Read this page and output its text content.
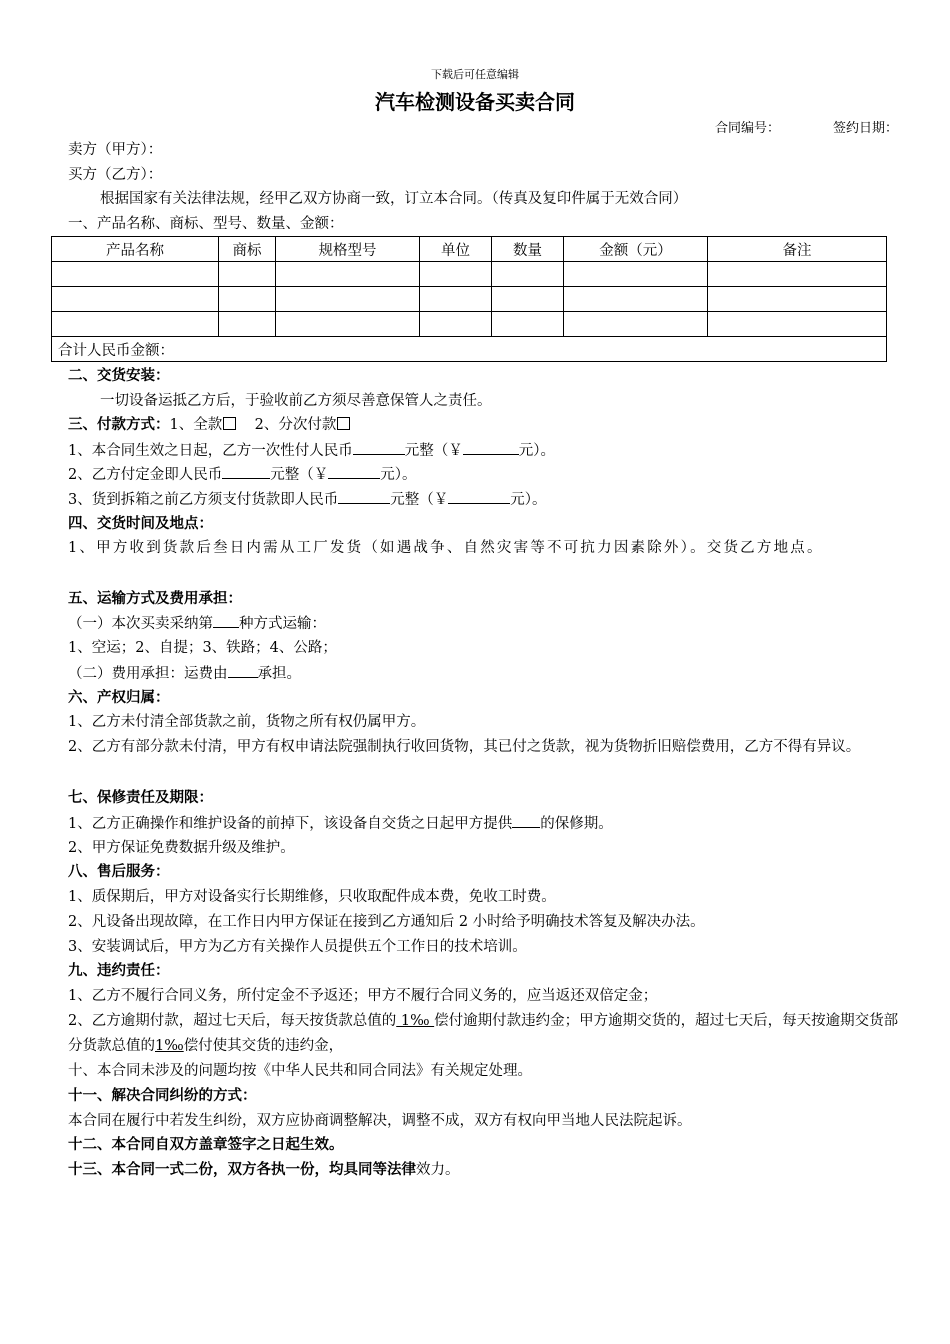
下载后可任意编辑
汽车检测设备买卖合同
合同编号：	签约日期：
卖方（甲方）：
买方（乙方）：
根据国家有关法律法规，经甲乙双方协商一致，订立本合同。（传真及复印件属于无效合同）
一、产品名称、商标、型号、数量、金额：
产品名称	商标	规格型号	单位	数量	金额（元）	备注

合计人民币金额：						
二、交货安装：
一切设备运抵乙方后，于验收前乙方须尽善意保管人之责任。
三、付款方式：1、全款 2、分次付款
1、本合同生效之日起，乙方一次性付人民币	元整（￥	元）。
2、乙方付定金即人民币	元整（￥	元）。
3、货到拆箱之前乙方须支付货款即人民币	元整（￥	元）。
四、交货时间及地点：
1、甲方收到货款后叁日内需从工厂发货（如遇战争、自然灾害等不可抗力因素除外）。交货乙方地点。
五、运输方式及费用承担：
（一）本次买卖采纳第 种方式运输：
1、空运；2、自提；3、铁路；4、公路；
（二）费用承担：运费由 承担。
六、产权归属：
1、乙方未付清全部货款之前，货物之所有权仍属甲方。
2、乙方有部分款未付清，甲方有权申请法院强制执行收回货物，其已付之货款，视为货物折旧赔偿费用，乙方不得有异议。
七、保修责任及期限：
1、乙方正确操作和维护设备的前掉下，该设备自交货之日起甲方提供 的保修期。
2、甲方保证免费数据升级及维护。
八、售后服务：
1、质保期后，甲方对设备实行长期维修，只收取配件成本费，免收工时费。
2、凡设备出现故障，在工作日内甲方保证在接到乙方通知后 2 小时给予明确技术答复及解决办法。
3、安装调试后，甲方为乙方有关操作人员提供五个工作日的技术培训。
九、违约责任：
1、乙方不履行合同义务，所付定金不予返还；甲方不履行合同义务的，应当返还双倍定金；
2、乙方逾期付款，超过七天后，每天按货款总值的 1‰ 偿付逾期付款违约金；甲方逾期交货的，超过七天后，每天按逾期交货部分货款总值的1‰偿付使其交货的违约金，
十、本合同未涉及的问题均按《中华人民共和同合同法》有关规定处理。
十一、解决合同纠纷的方式：
本合同在履行中若发生纠纷，双方应协商调整解决，调整不成，双方有权向甲当地人民法院起诉。
十二、本合同自双方盖章签字之日起生效。
十三、本合同一式二份，双方各执一份，均具同等法律效力。
